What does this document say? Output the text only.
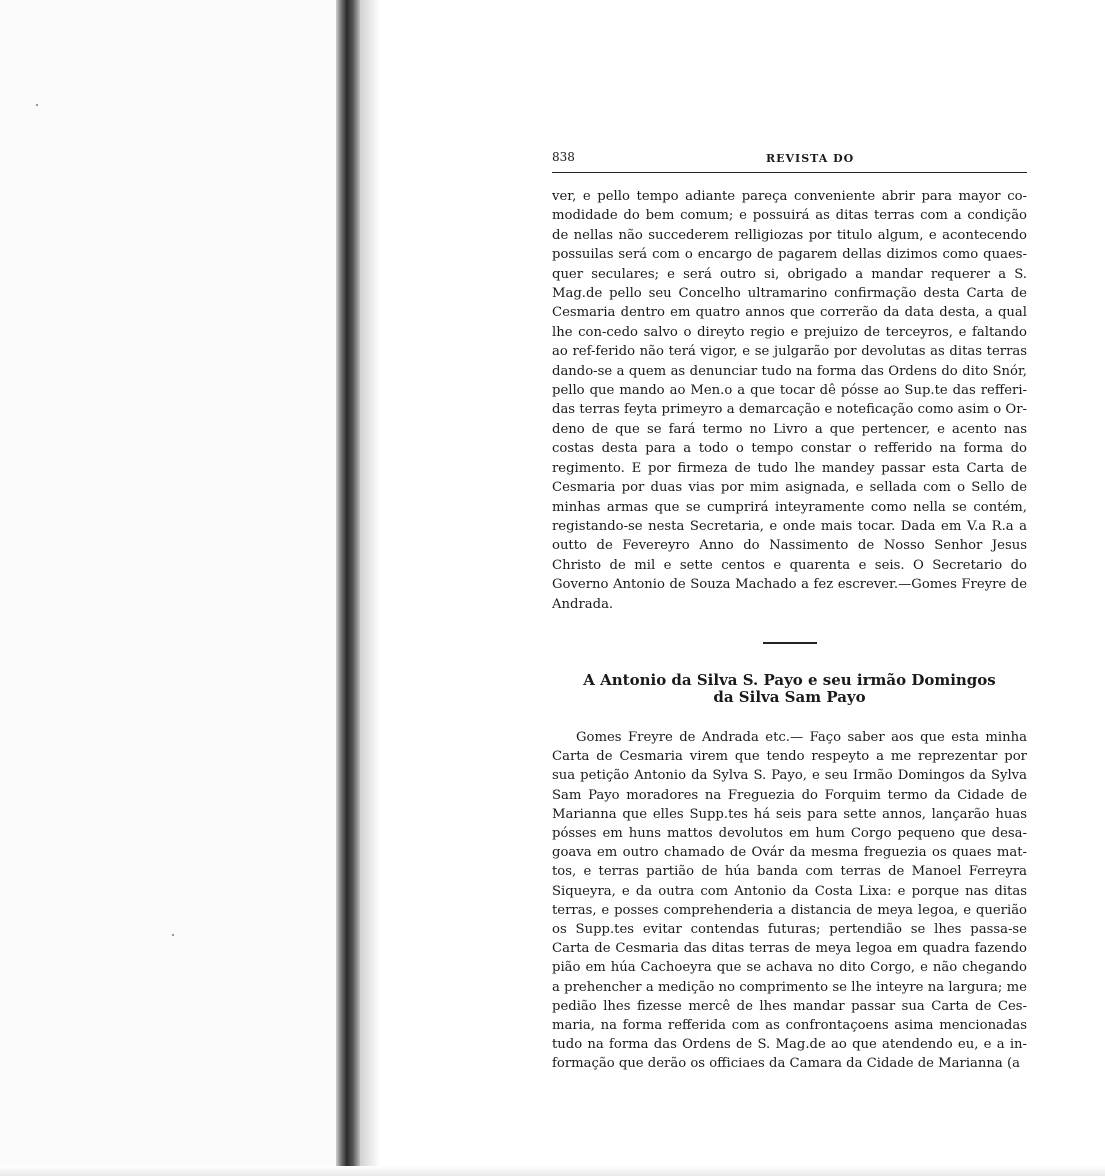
838	REVISTA DO

ver, e pello tempo adiante pareça conveniente abrir para mayor co-modidade do bem comum; e possuirá as ditas terras com a condição de nellas não succederem relligiozas por titulo algum, e acontecendo possuilas será com o encargo de pagarem dellas dizimos como quaes-quer seculares; e será outro si, obrigado a mandar requerer a S. Mag.de pello seu Concelho ultramarino confirmação desta Carta de Cesmaria dentro em quatro annos que correrão da data desta, a qual lhe con-cedo salvo o direyto regio e prejuizo de terceyros, e faltando ao ref-ferido não terá vigor, e se julgarão por devolutas as ditas terras dando-se a quem as denunciar tudo na forma das Ordens do dito Snór, pello que mando ao Men.o a que tocar dê pósse ao Sup.te das refferi-das terras feyta primeyro a demarcação e noteficação como asim o Or-deno de que se fará termo no Livro a que pertencer, e acento nas costas desta para a todo o tempo constar o refferido na forma do regimento. E por firmeza de tudo lhe mandey passar esta Carta de Cesmaria por duas vias por mim asignada, e sellada com o Sello de minhas armas que se cumprirá inteyramente como nella se contém, registando-se nesta Secretaria, e onde mais tocar. Dada em V.a R.a a outto de Fevereyro Anno do Nassimento de Nosso Senhor Jesus Christo de mil e sette centos e quarenta e seis. O Secretario do Governo Antonio de Souza Machado a fez escrever.—Gomes Freyre de Andrada.

A Antonio da Silva S. Payo e seu irmão Domingos
da Silva Sam Payo

Gomes Freyre de Andrada etc.— Faço saber aos que esta minha Carta de Cesmaria virem que tendo respeyto a me reprezentar por sua petição Antonio da Sylva S. Payo, e seu Irmão Domingos da Sylva Sam Payo moradores na Freguezia do Forquim termo da Cidade de Marianna que elles Supp.tes há seis para sette annos, lançarão huas pósses em huns mattos devolutos em hum Corgo pequeno que desa-goava em outro chamado de Ovár da mesma freguezia os quaes mat-tos, e terras partião de húa banda com terras de Manoel Ferreyra Siqueyra, e da outra com Antonio da Costa Lixa: e porque nas ditas terras, e posses comprehenderia a distancia de meya legoa, e querião os Supp.tes evitar contendas futuras; pertendião se lhes passa-se Carta de Cesmaria das ditas terras de meya legoa em quadra fazendo pião em húa Cachoeyra que se achava no dito Corgo, e não chegando a prehencher a medição no comprimento se lhe inteyre na largura; me pedião lhes fizesse mercê de lhes mandar passar sua Carta de Ces-maria, na forma refferida com as confrontaçoens asima mencionadas tudo na forma das Ordens de S. Mag.de ao que atendendo eu, e a in-formação que derão os officiaes da Camara da Cidade de Marianna (a
